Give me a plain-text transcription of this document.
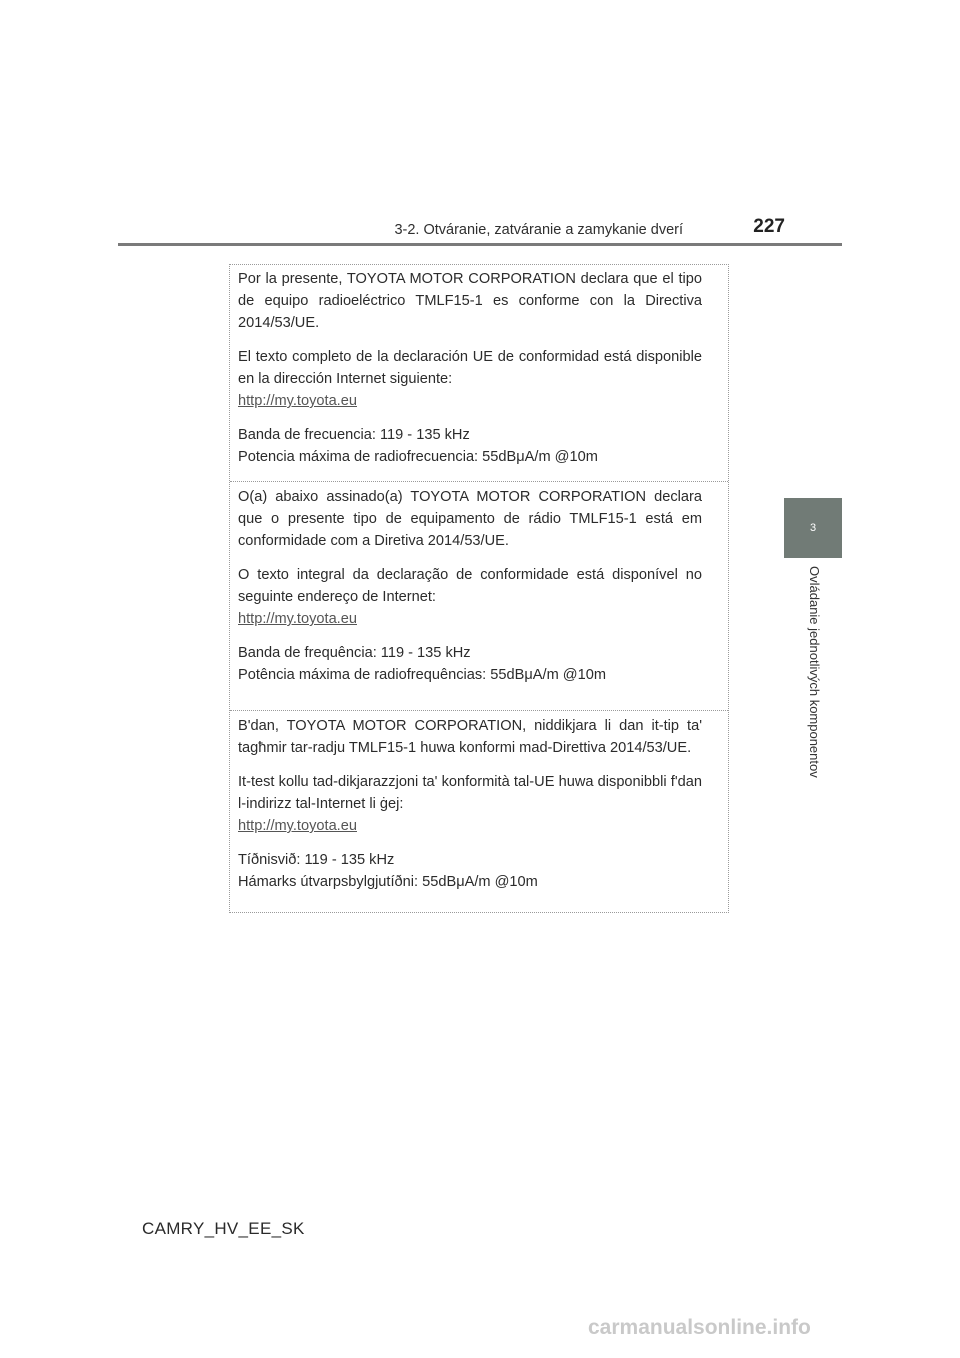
3-2. Otváranie, zatváranie a zamykanie dverí	227
3
Ovládanie jednotlivých komponentov

Por la presente, TOYOTA MOTOR CORPORATION declara que el tipo de equipo radioeléctrico TMLF15-1 es conforme con la Directiva 2014/53/UE.

El texto completo de la declaración UE de conformidad está disponible en la dirección Internet siguiente:

http://my.toyota.eu

Banda de frecuencia: 119 - 135 kHz

Potencia máxima de radiofrecuencia: 55dBμA/m @10m

O(a) abaixo assinado(a) TOYOTA MOTOR CORPORATION declara que o presente tipo de equipamento de rádio TMLF15-1 está em conformidade com a Diretiva 2014/53/UE.

O texto integral da declaração de conformidade está disponível no seguinte endereço de Internet:

http://my.toyota.eu

Banda de frequência: 119 - 135 kHz

Potência máxima de radiofrequências: 55dBμA/m @10m

B'dan, TOYOTA MOTOR CORPORATION, niddikjara li dan it-tip ta' tagħmir tar-radju TMLF15-1 huwa konformi mad-Direttiva 2014/53/UE.

It-test kollu tad-dikjarazzjoni ta' konformità tal-UE huwa disponibbli f'dan l-indirizz tal-Internet li ġej:

http://my.toyota.eu

Tíðnisvið: 119 - 135 kHz

Hámarks útvarpsbylgjutíðni: 55dBμA/m @10m

CAMRY_HV_EE_SK
carmanualsonline.info
